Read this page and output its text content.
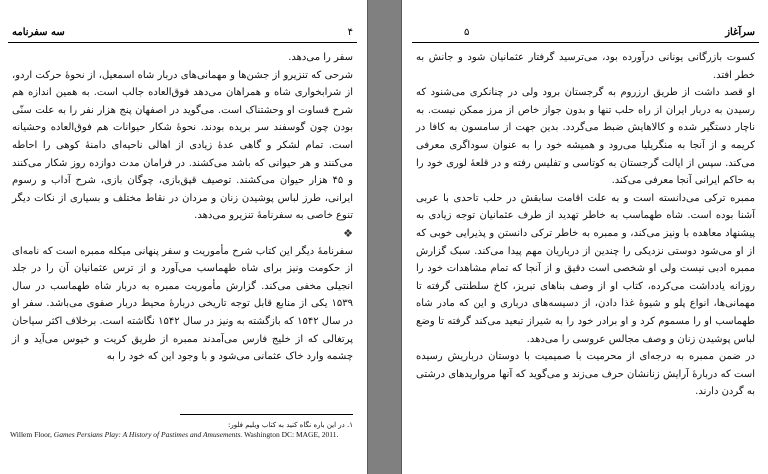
۴
سه سفرنامه

سفر را می‌دهد.

شرحی که تنزیرو از جشن‌ها و مهمانی‌های دربار شاه اسمعیل، از نحوهٔ حرکت اردو، از شرابخواری شاه و همراهان می‌دهد فوق‌العاده جالب است. به همین اندازه هم شرح قساوت او وحشتناک است. می‌گوید در اصفهان پنج هزار نفر را به علت سنّی بودن چون گوسفند سر بریده بودند. نحوهٔ شکار حیوانات هم فوق‌العاده وحشیانه است. تمام لشکر و گاهی عدهٔ زیادی از اهالی ناحیه‌ای دامنهٔ کوهی را احاطه می‌کنند و هر حیوانی که باشد می‌کشند. در فرامان مدت دوازده روز شکار می‌کنند و ۴۵ هزار حیوان می‌کشند. توصیف قپق‌بازی، چوگان بازی، شرح آداب و رسوم ایرانی، طرز لباس پوشیدن زنان و مردان در نقاط مختلف و بسیاری از نکات دیگر تنوع خاصی به سفرنامهٔ تنزیرو می‌دهد.

❖

سفرنامهٔ دیگر این کتاب شرح مأموریت و سفر پنهانی میکله ممبره است که نامه‌ای از حکومت ونیز برای شاه طهماسب می‌آورد و از ترس عثمانیان آن را در جلد انجیلی مخفی می‌کند. گزارش مأموریت ممبره به دربار شاه طهماسب در سال ۱۵۳۹ یکی از منابع قابل توجه تاریخی دربارهٔ محیط دربار صفوی می‌باشد. سفر او در سال ۱۵۴۲ که بازگشته به ونیز در سال ۱۵۴۲ نگاشته است. برخلاف اکثر سیاحان پرتغالی که از خلیج فارس می‌آمدند ممبره از طریق کریت و خیوس می‌آید و از چشمه وارد خاک عثمانی می‌شود و با وجود این که خود را به

۱. در این باره نگاه کنید به کتاب ویلیم فلور:
Willem Floor, Games Persians Play: A History of Pastimes and Amusements. Washington DC: MAGE, 2011.
۵	سرآغاز

کسوت بازرگانی یونانی درآورده بود، می‌ترسید گرفتار عثمانیان شود و جانش به خطر افتد.

او قصد داشت از طریق ارزروم به گرجستان برود ولی در چنانکری می‌شنود که رسیدن به دربار ایران از راه حلب تنها و بدون جواز خاص از مرز ممکن نیست. به ناچار دستگیر شده و کالاهایش ضبط می‌گردد. بدین جهت از سامسون به کافا در کریمه و از آنجا به منگریلیا می‌رود و همیشه خود را به عنوان سوداگری معرفی می‌کند. سپس از ایالت گرجستان به کوتاسی و تفلیس رفته و در قلعهٔ لوری خود را به حاکم ایرانی آنجا معرفی می‌کند.

ممبره ترکی می‌دانسته است و به علت اقامت سابقش در حلب تاحدی با عربی آشنا بوده است. شاه طهماسب به خاطر تهدید از طرف عثمانیان توجه زیادی به پیشنهاد معاهده با ونیز می‌کند، و ممبره به خاطر ترکی دانستن و پذیرایی خوبی که از او می‌شود دوستی نزدیکی را چندین از درباریان مهم پیدا می‌کند. سبک گزارش ممبره ادبی نیست ولی او شخصی است دقیق و از آنجا که تمام مشاهدات خود را روزانه یادداشت می‌کرده، کتاب او از وصف بناهای تبریز، کاخ سلطنتی گرفته تا مهمانی‌ها، انواع پلو و شیوهٔ غذا دادن، از دسیسه‌های درباری و این که مادر شاه طهماسب او را مسموم کرد و او برادر خود را به شیراز تبعید می‌کند گرفته تا وضع لباس پوشیدن زنان و وصف مجالس عروسی را می‌دهد.

در ضمن ممبره به درجه‌ای از محرمیت با صمیمیت با دوستان درباریش رسیده است که دربارهٔ آرایش زنانشان حرف می‌زند و می‌گوید که آنها مرواریدهای درشتی به گردن دارند.
